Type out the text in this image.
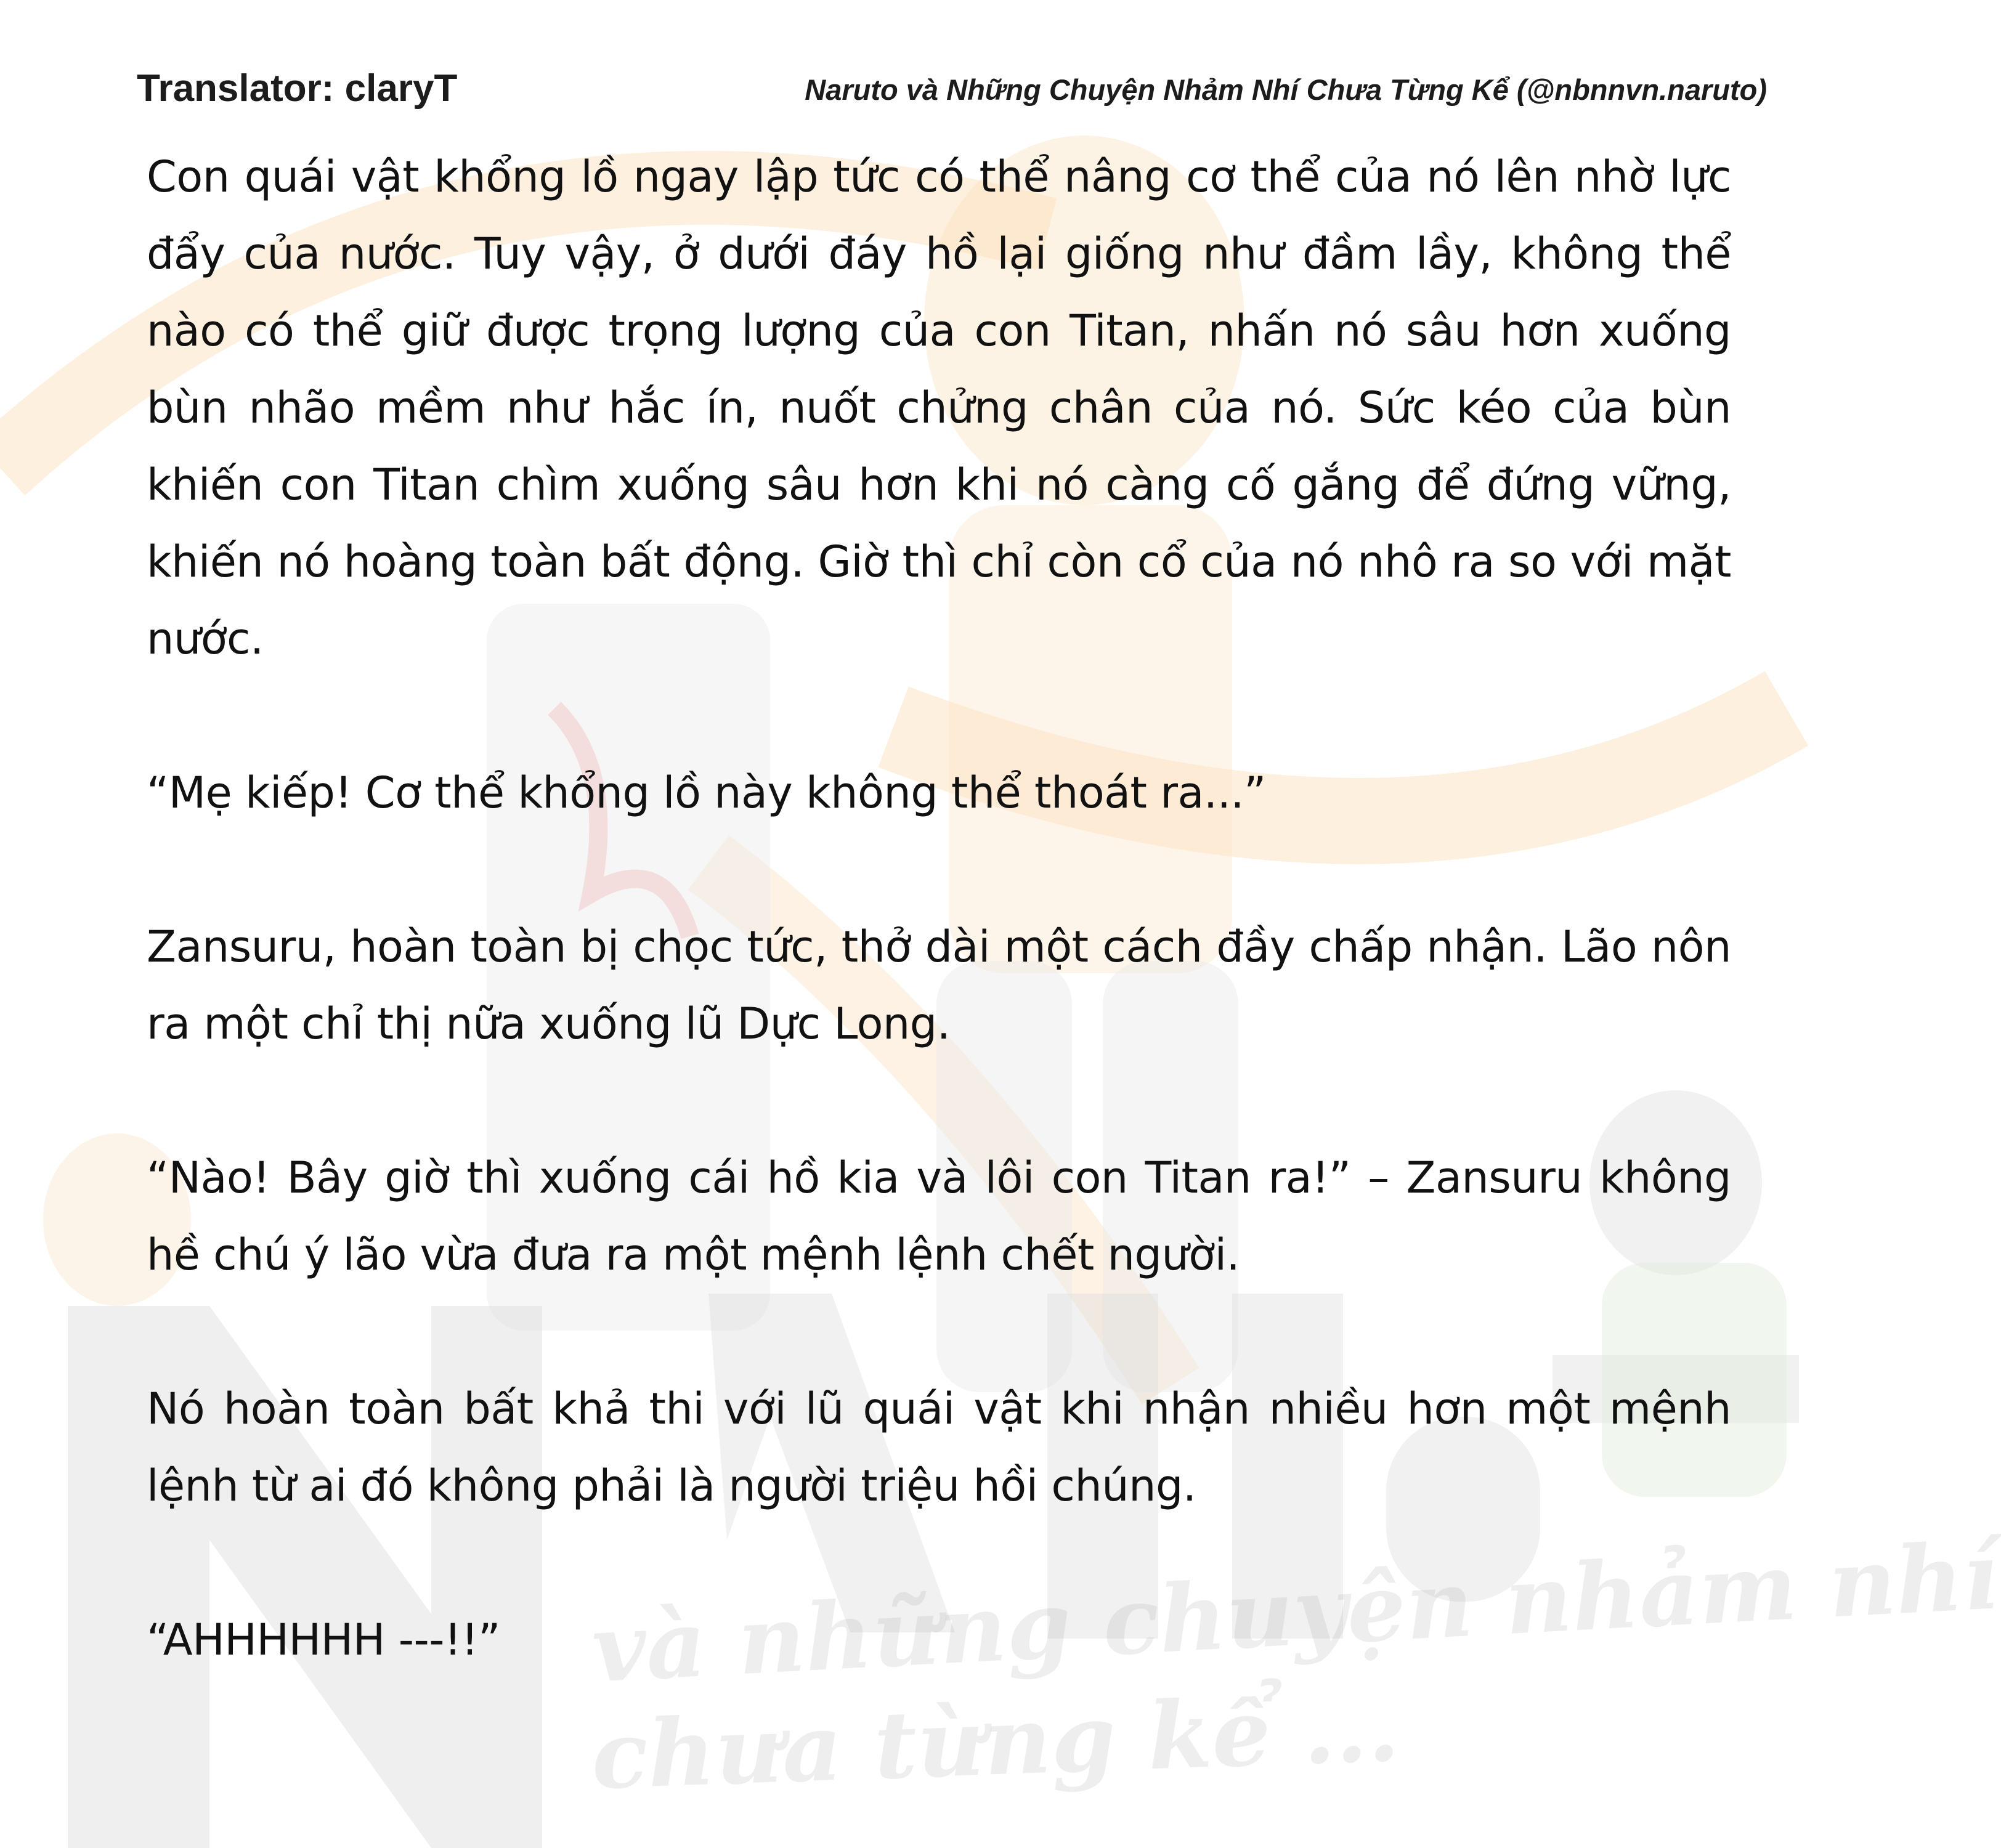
và những chuyện nhảm nhí
chưa từng kể ...
Translator: claryT	Naruto và Những Chuyện Nhảm Nhí Chưa Từng Kể (@nbnnvn.naruto)

Con quái vật khổng lồ ngay lập tức có thể nâng cơ thể của nó lên nhờ lực đẩy của nước. Tuy vậy, ở dưới đáy hồ lại giống như đầm lầy, không thể nào có thể giữ được trọng lượng của con Titan, nhấn nó sâu hơn xuống bùn nhão mềm như hắc ín, nuốt chửng chân của nó. Sức kéo của bùn khiến con Titan chìm xuống sâu hơn khi nó càng cố gắng để đứng vững, khiến nó hoàng toàn bất động. Giờ thì chỉ còn cổ của nó nhô ra so với mặt nước.

“Mẹ kiếp! Cơ thể khổng lồ này không thể thoát ra...”

Zansuru, hoàn toàn bị chọc tức, thở dài một cách đầy chấp nhận. Lão nôn ra một chỉ thị nữa xuống lũ Dực Long.

“Nào! Bây giờ thì xuống cái hồ kia và lôi con Titan ra!” – Zansuru không hề chú ý lão vừa đưa ra một mệnh lệnh chết người.

Nó hoàn toàn bất khả thi với lũ quái vật khi nhận nhiều hơn một mệnh lệnh từ ai đó không phải là người triệu hồi chúng.

“AHHHHHH ---!!”
